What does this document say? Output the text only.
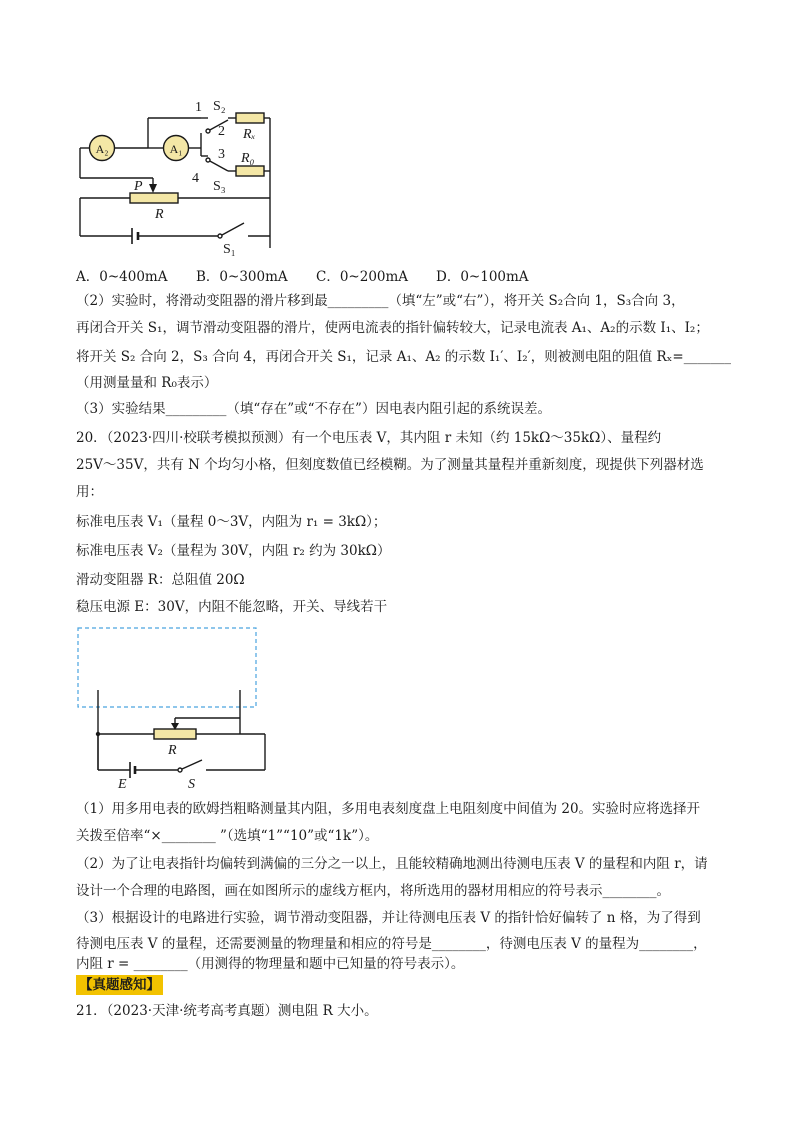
A₂	A₁
1 S₂
2 Rₓ
3 R₀
4
S₃
P
R
S₁
A．0~400mA B．0~300mA C．0~200mA D．0~100mA
（2）实验时，将滑动变阻器的滑片移到最_________（填“左”或“右”），将开关 S₂合向 1，S₃合向 3，
再闭合开关 S₁，调节滑动变阻器的滑片，使两电流表的指针偏转较大，记录电流表 A₁、A₂的示数 I₁、I₂；
将开关 S₂ 合向 2，S₃ 合向 4，再闭合开关 S₁，记录 A₁、A₂ 的示数 I₁′、I₂′，则被测电阻的阻值 Rₓ=_______
（用测量量和 R₀表示）
（3）实验结果_________（填“存在”或“不存在”）因电表内阻引起的系统误差。
20．（2023·四川·校联考模拟预测）有一个电压表 V，其内阻 r 未知（约 15kΩ～35kΩ）、量程约
25V～35V，共有 N 个均匀小格，但刻度数值已经模糊。为了测量其量程并重新刻度，现提供下列器材选
用：
标准电压表 V₁（量程 0～3V，内阻为 r₁ = 3kΩ）；
标准电压表 V₂（量程为 30V，内阻 r₂ 约为 30kΩ）
滑动变阻器 R：总阻值 20Ω
稳压电源 E：30V，内阻不能忽略，开关、导线若干
R
E	S
（1）用多用电表的欧姆挡粗略测量其内阻，多用电表刻度盘上电阻刻度中间值为 20。实验时应将选择开
关拨至倍率“×________ ”（选填“1”“10”或“1k”）。
（2）为了让电表指针均偏转到满偏的三分之一以上，且能较精确地测出待测电压表 V 的量程和内阻 r，请
设计一个合理的电路图，画在如图所示的虚线方框内，将所选用的器材用相应的符号表示________。
（3）根据设计的电路进行实验，调节滑动变阻器，并让待测电压表 V 的指针恰好偏转了 n 格，为了得到
待测电压表 V 的量程，还需要测量的物理量和相应的符号是________，待测电压表 V 的量程为________，
内阻 r = ________（用测得的物理量和题中已知量的符号表示）。
【真题感知】
21．（2023·天津·统考高考真题）测电阻 R 大小。
